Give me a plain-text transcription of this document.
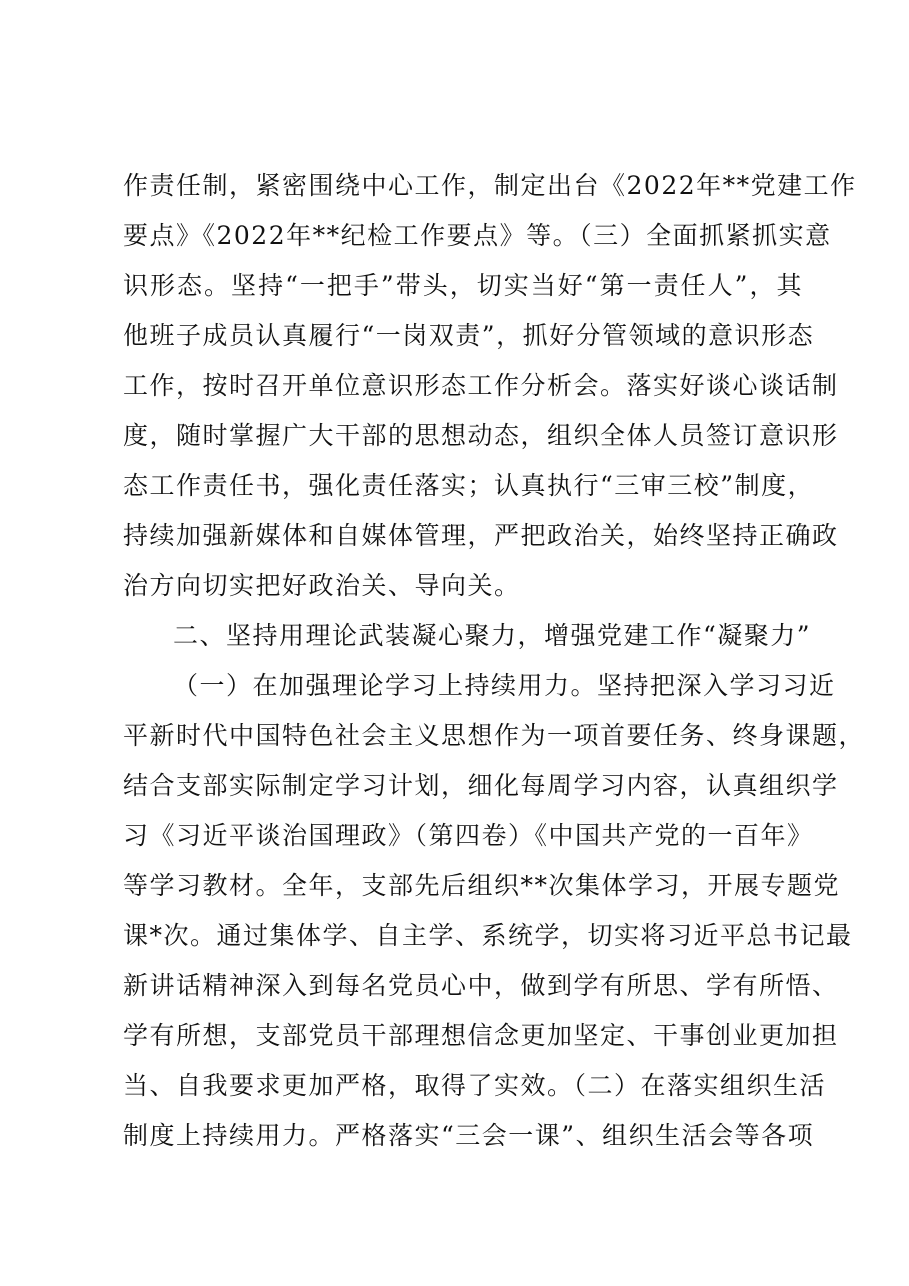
作责任制，紧密围绕中心工作，制定出台《2022年**党建工作
要点》《2022年**纪检工作要点》等。（三）全面抓紧抓实意
识形态。坚持“一把手”带头，切实当好“第一责任人”，其
他班子成员认真履行“一岗双责”，抓好分管领域的意识形态
工作，按时召开单位意识形态工作分析会。落实好谈心谈话制
度，随时掌握广大干部的思想动态，组织全体人员签订意识形
态工作责任书，强化责任落实；认真执行“三审三校”制度，
持续加强新媒体和自媒体管理，严把政治关，始终坚持正确政
治方向切实把好政治关、导向关。
二、坚持用理论武装凝心聚力，增强党建工作“凝聚力”
（一）在加强理论学习上持续用力。坚持把深入学习习近
平新时代中国特色社会主义思想作为一项首要任务、终身课题，
结合支部实际制定学习计划，细化每周学习内容，认真组织学
习《习近平谈治国理政》（第四卷）《中国共产党的一百年》
等学习教材。全年，支部先后组织**次集体学习，开展专题党
课*次。通过集体学、自主学、系统学，切实将习近平总书记最
新讲话精神深入到每名党员心中，做到学有所思、学有所悟、
学有所想，支部党员干部理想信念更加坚定、干事创业更加担
当、自我要求更加严格，取得了实效。（二）在落实组织生活
制度上持续用力。严格落实“三会一课”、组织生活会等各项
